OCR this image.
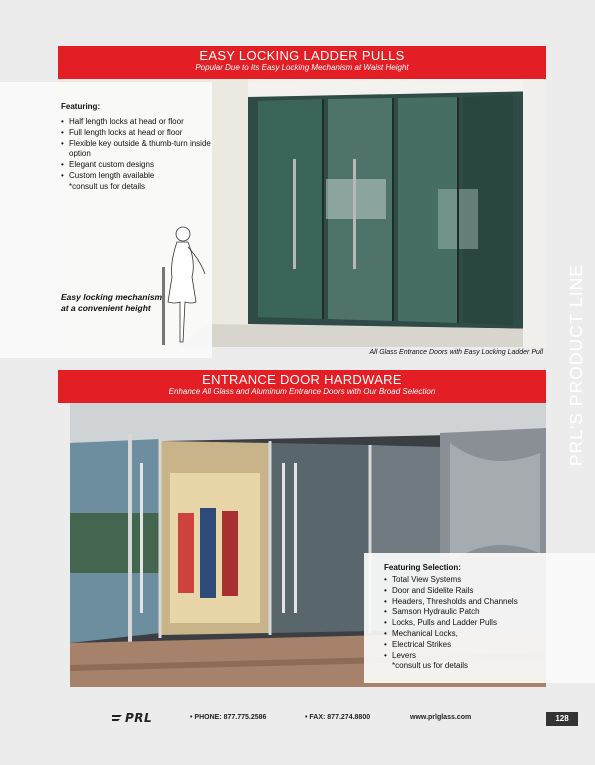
EASY LOCKING LADDER PULLS
Popular Due to Its Easy Locking Mechanism at Waist Height
Featuring:
• Half length locks at head or floor
• Full length locks at head or floor
• Flexible key outside & thumb-turn inside option
• Elegant custom designs
• Custom length available
*consult us for details
Easy locking mechanism at a convenient height
All Glass Entrance Doors with Easy Locking Ladder Pull
ENTRANCE DOOR HARDWARE
Enhance All Glass and Aluminum Entrance Doors with Our Broad Selection
Featuring Selection:
• Total View Systems
• Door and Sidelite Rails
• Headers, Thresholds and Channels
• Samson Hydraulic Patch
• Locks, Pulls and Ladder Pulls
• Mechanical Locks,
• Electrical Strikes
• Levers
*consult us for details
PRL'S PRODUCT LINE
PRL	• PHONE: 877.775.2586	• FAX: 877.274.8800	www.prlglass.com	128
